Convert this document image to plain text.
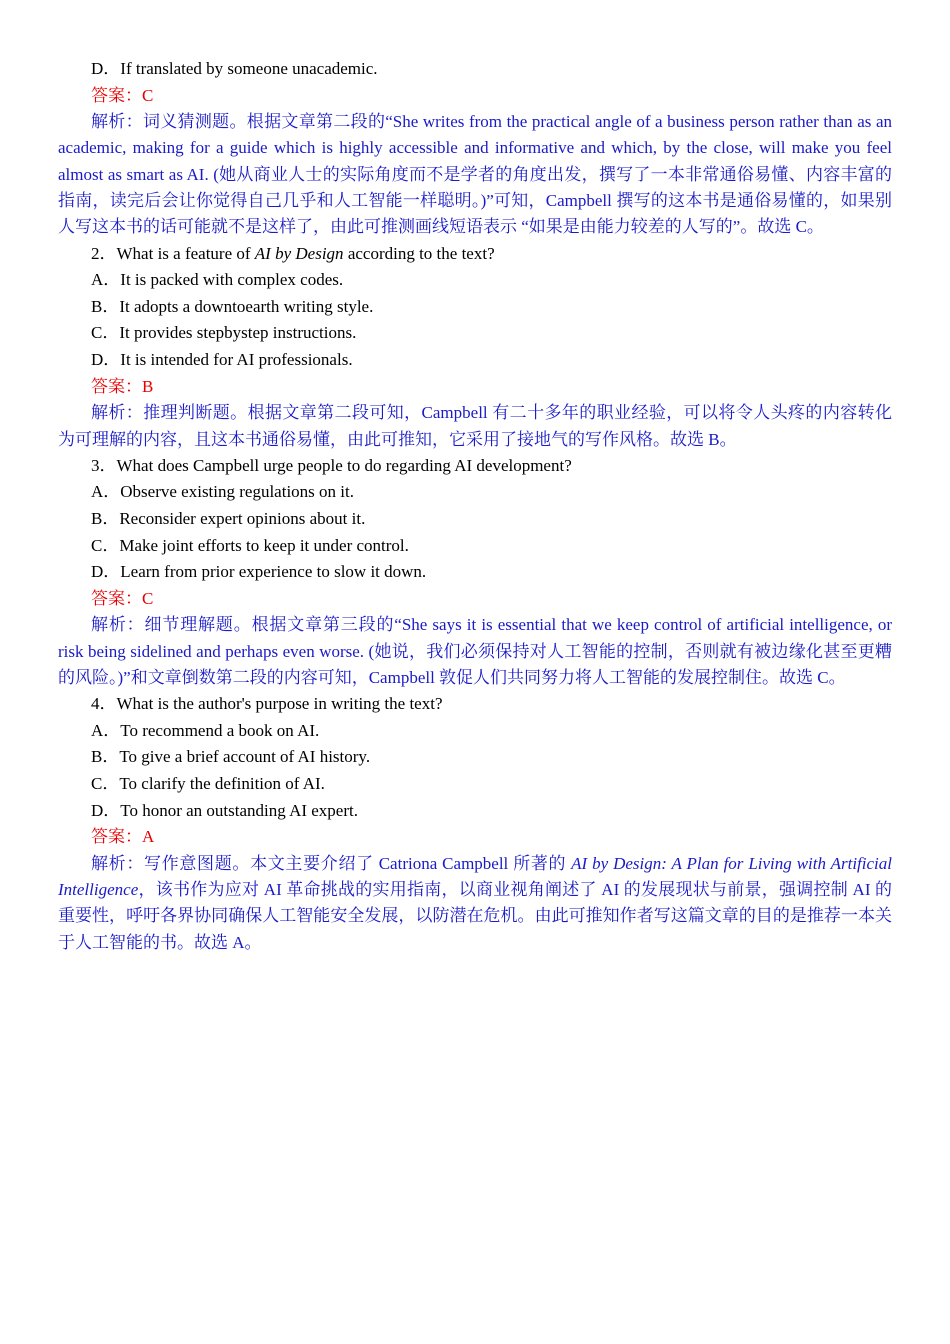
D．If translated by someone unacademic.

答案：C

解析：词义猜测题。根据文章第二段的“She writes from the practical angle of a business person rather than as an academic, making for a guide which is highly accessible and informative and which, by the close, will make you feel almost as smart as AI. (她从商业人士的实际角度而不是学者的角度出发，撰写了一本非常通俗易懂、内容丰富的指南，读完后会让你觉得自己几乎和人工智能一样聪明。)”可知，Campbell 撰写的这本书是通俗易懂的，如果别人写这本书的话可能就不是这样了，由此可推测画线短语表示 “如果是由能力较差的人写的”。故选 C。

2．What is a feature of AI by Design according to the text?

A．It is packed with complex codes.

B．It adopts a downtoearth writing style.

C．It provides stepbystep instructions.

D．It is intended for AI professionals.

答案：B

解析：推理判断题。根据文章第二段可知，Campbell 有二十多年的职业经验，可以将令人头疼的内容转化为可理解的内容，且这本书通俗易懂，由此可推知，它采用了接地气的写作风格。故选 B。

3．What does Campbell urge people to do regarding AI development?

A．Observe existing regulations on it.

B．Reconsider expert opinions about it.

C．Make joint efforts to keep it under control.

D．Learn from prior experience to slow it down.

答案：C

解析：细节理解题。根据文章第三段的“She says it is essential that we keep control of artificial intelligence, or risk being sidelined and perhaps even worse. (她说，我们必须保持对人工智能的控制，否则就有被边缘化甚至更糟的风险。)”和文章倒数第二段的内容可知，Campbell 敦促人们共同努力将人工智能的发展控制住。故选 C。

4．What is the author's purpose in writing the text?

A．To recommend a book on AI.

B．To give a brief account of AI history.

C．To clarify the definition of AI.

D．To honor an outstanding AI expert.

答案：A

解析：写作意图题。本文主要介绍了 Catriona Campbell 所著的 AI by Design: A Plan for Living with Artificial Intelligence，该书作为应对 AI 革命挑战的实用指南，以商业视角阐述了 AI 的发展现状与前景，强调控制 AI 的重要性，呼吁各界协同确保人工智能安全发展，以防潜在危机。由此可推知作者写这篇文章的目的是推荐一本关于人工智能的书。故选 A。
